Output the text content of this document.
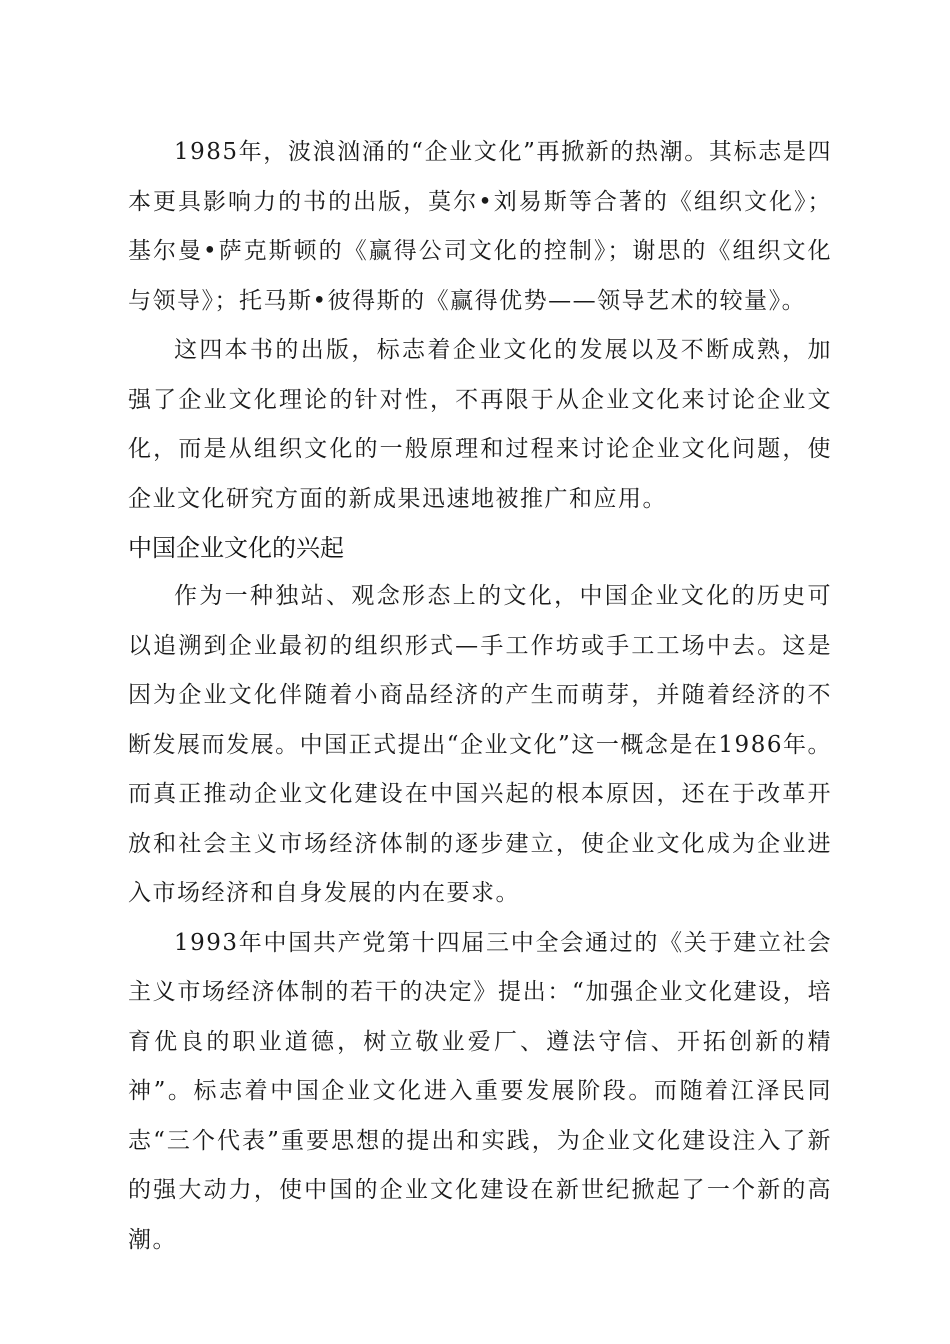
1985年，波浪汹涌的“企业文化”再掀新的热潮。其标志是四本更具影响力的书的出版，莫尔•刘易斯等合著的《组织文化》；基尔曼•萨克斯顿的《赢得公司文化的控制》；谢思的《组织文化与领导》；托马斯•彼得斯的《赢得优势——领导艺术的较量》。

这四本书的出版，标志着企业文化的发展以及不断成熟，加强了企业文化理论的针对性，不再限于从企业文化来讨论企业文化，而是从组织文化的一般原理和过程来讨论企业文化问题，使企业文化研究方面的新成果迅速地被推广和应用。

中国企业文化的兴起

作为一种独站、观念形态上的文化，中国企业文化的历史可以追溯到企业最初的组织形式—手工作坊或手工工场中去。这是因为企业文化伴随着小商品经济的产生而萌芽，并随着经济的不断发展而发展。中国正式提出“企业文化”这一概念是在1986年。而真正推动企业文化建设在中国兴起的根本原因，还在于改革开放和社会主义市场经济体制的逐步建立，使企业文化成为企业进入市场经济和自身发展的内在要求。

1993年中国共产党第十四届三中全会通过的《关于建立社会主义市场经济体制的若干的决定》提出：“加强企业文化建设，培育优良的职业道德，树立敬业爱厂、遵法守信、开拓创新的精神”。标志着中国企业文化进入重要发展阶段。而随着江泽民同志“三个代表”重要思想的提出和实践，为企业文化建设注入了新的强大动力，使中国的企业文化建设在新世纪掀起了一个新的高潮。
